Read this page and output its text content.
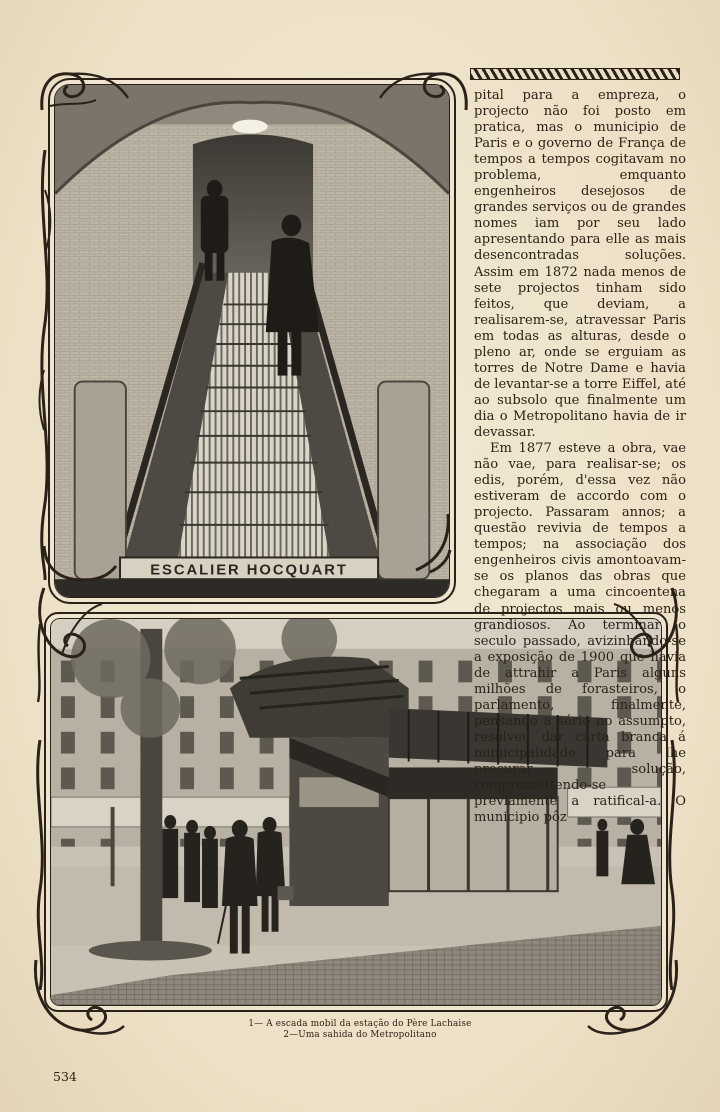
ESCALIER HOCQUART

pital para a empreza, o projecto não foi posto em pratica, mas o municipio de Paris e o governo de França de tempos a tempos cogitavam no problema, emquanto engenheiros desejosos de grandes serviços ou de grandes nomes iam por seu lado apresentando para elle as mais desencontradas soluções. Assim em 1872 nada menos de sete projectos tinham sido feitos, que deviam, a realisarem-se, atravessar Paris em todas as alturas, desde o pleno ar, onde se erguiam as torres de Notre Dame e havia de levantar-se a torre Eiffel, até ao subsolo que finalmente um dia o Metropolitano havia de ir devassar.

Em 1877 esteve a obra, vae não vae, para realisar-se; os edis, porém, d'essa vez não estiveram de accordo com o projecto. Passaram annos; a questão revivia de tempos a tempos; na associação dos engenheiros civis amontoavam-se os planos das obras que chegaram a uma cincoentena de projectos mais ou menos grandiosos. Ao terminar o seculo passado, avizinhando-se a exposição de 1900 que havia de attrahir a Paris alguns milhões de forasteiros, o parlamento, finalmente, pensando a sério no assumpto, resolveu dar carta branca á municipalidade para lhe procurar solução, compromettendo-se previamente a ratifical-a. O municipio pôz

1— A escada mobil da estação do Père Lachaise
2—Uma sahida do Metropolitano
534
